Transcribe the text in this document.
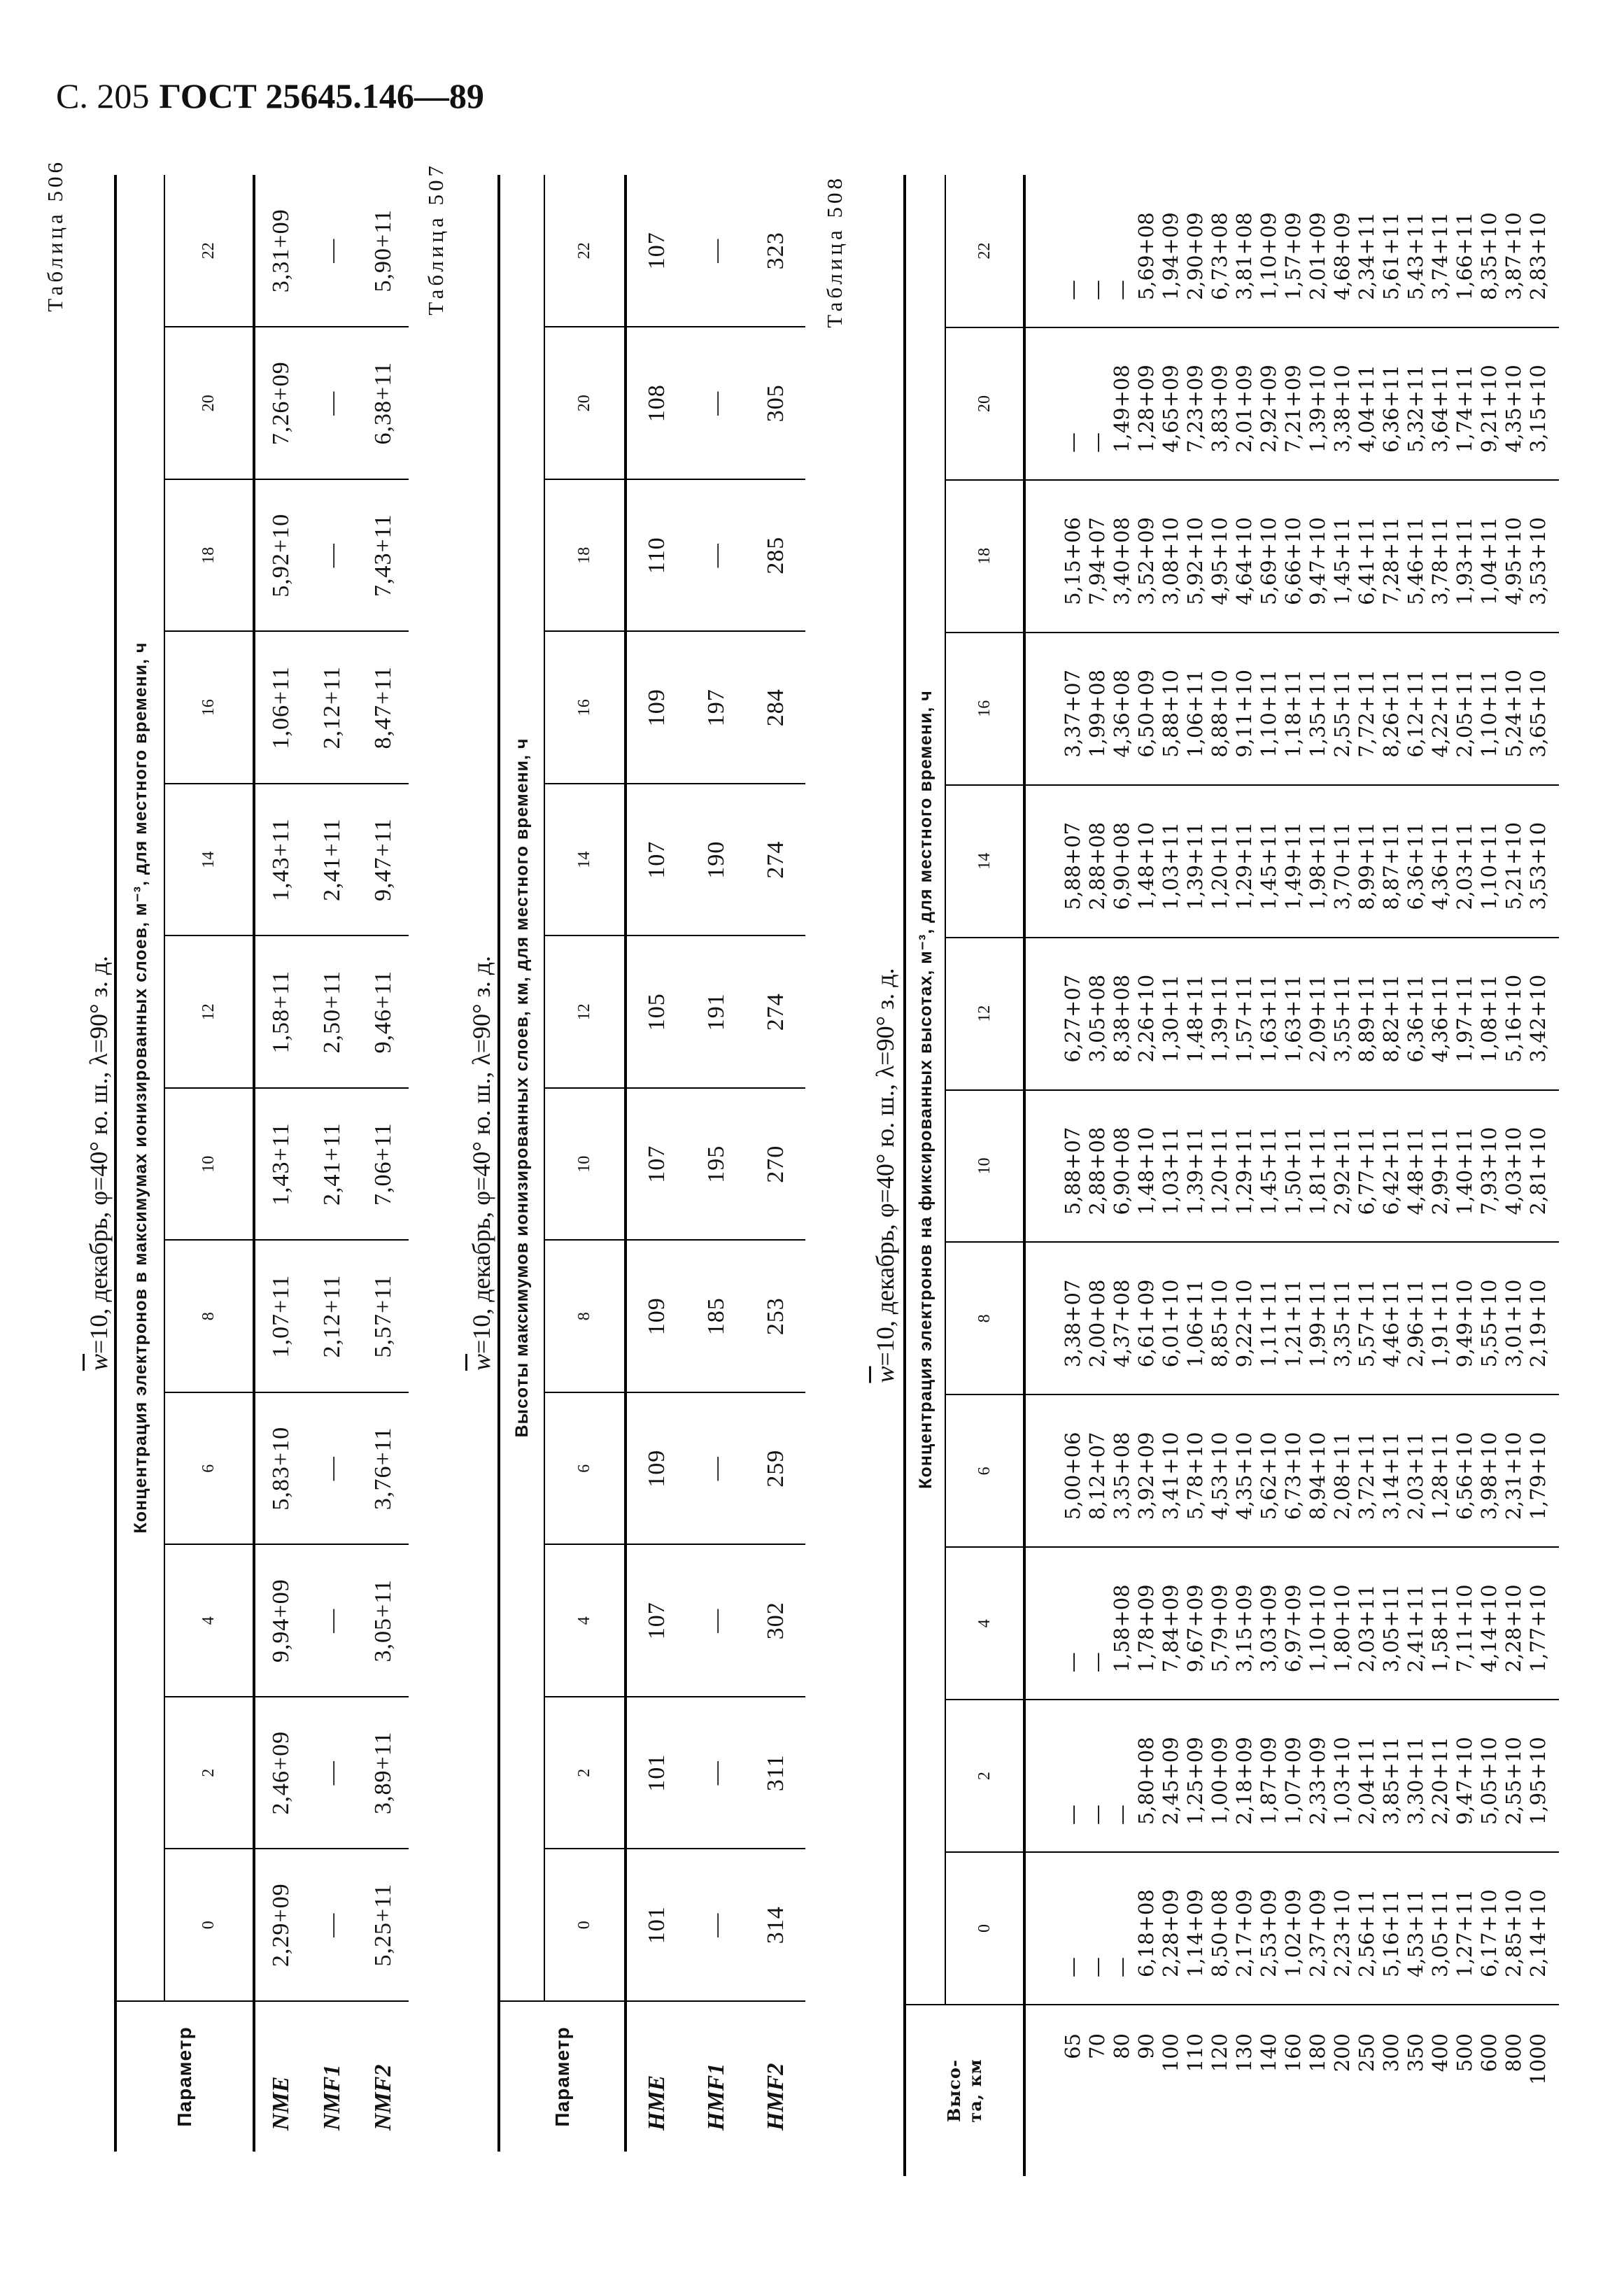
С. 205 ГОСТ 25645.146—89
Таблица 506
$\overline{w}=10$, декабрь, φ=40° ю. ш., λ=90° з. д.
Параметр	Концентрация электронов в максимумах ионизированных слоев, м⁻³, для местного времени, ч											
	0	2	4	6	8	10	12	14	16	18	20	22
NME	2,29+09	2,46+09	9,94+09	5,83+10	1,07+11	1,43+11	1,58+11	1,43+11	1,06+11	5,92+10	7,26+09	3,31+09
NMF1	—	—	—	—	2,12+11	2,41+11	2,50+11	2,41+11	2,12+11	—	—	—
NMF2	5,25+11	3,89+11	3,05+11	3,76+11	5,57+11	7,06+11	9,46+11	9,47+11	8,47+11	7,43+11	6,38+11	5,90+11 Таблица 507
$\overline{w}=10$, декабрь, φ=40° ю. ш., λ=90° з. д.
Параметр	Высоты максимумов ионизированных слоев, км, для местного времени, ч											
	0	2	4	6	8	10	12	14	16	18	20	22
HME	101	101	107	109	109	107	105	107	109	110	108	107
HMF1	—	—	—	—	185	195	191	190	197	—	—	—
HMF2	314	311	302	259	253	270	274	274	284	285	305	323 Таблица 508
$\overline{w}=10$, декабрь, φ=40° ю. ш., λ=90° з. д.
Высо-
та, км	Концентрация электронов на фиксированных высотах, м⁻³, для местного времени, ч											
	0	2	4	6	8	10	12	14	16	18	20	22
65	—	—	—	5,00+06	3,38+07	5,88+07	6,27+07	5,88+07	3,37+07	5,15+06	—	—
70	—	—	—	8,12+07	2,00+08	2,88+08	3,05+08	2,88+08	1,99+08	7,94+07	—	—
80	—	—	1,58+08	3,35+08	4,37+08	6,90+08	8,38+08	6,90+08	4,36+08	3,40+08	1,49+08	—
90	6,18+08	5,80+08	1,78+09	3,92+09	6,61+09	1,48+10	2,26+10	1,48+10	6,50+09	3,52+09	1,28+09	5,69+08
100	2,28+09	2,45+09	7,84+09	3,41+10	6,01+10	1,03+11	1,30+11	1,03+11	5,88+10	3,08+10	4,65+09	1,94+09
110	1,14+09	1,25+09	9,67+09	5,78+10	1,06+11	1,39+11	1,48+11	1,39+11	1,06+11	5,92+10	7,23+09	2,90+09
120	8,50+08	1,00+09	5,79+09	4,53+10	8,85+10	1,20+11	1,39+11	1,20+11	8,88+10	4,95+10	3,83+09	6,73+08
130	2,17+09	2,18+09	3,15+09	4,35+10	9,22+10	1,29+11	1,57+11	1,29+11	9,11+10	4,64+10	2,01+09	3,81+08
140	2,53+09	1,87+09	3,03+09	5,62+10	1,11+11	1,45+11	1,63+11	1,45+11	1,10+11	5,69+10	2,92+09	1,10+09
160	1,02+09	1,07+09	6,97+09	6,73+10	1,21+11	1,50+11	1,63+11	1,49+11	1,18+11	6,66+10	7,21+09	1,57+09
180	2,37+09	2,33+09	1,10+10	8,94+10	1,99+11	1,81+11	2,09+11	1,98+11	1,35+11	9,47+10	1,39+10	2,01+09
200	2,23+10	1,03+10	1,80+10	2,08+11	3,35+11	2,92+11	3,55+11	3,70+11	2,55+11	1,45+11	3,38+10	4,68+09
250	2,56+11	2,04+11	2,03+11	3,72+11	5,57+11	6,77+11	8,89+11	8,99+11	7,72+11	6,41+11	4,04+11	2,34+11
300	5,16+11	3,85+11	3,05+11	3,14+11	4,46+11	6,42+11	8,82+11	8,87+11	8,26+11	7,28+11	6,36+11	5,61+11
350	4,53+11	3,30+11	2,41+11	2,03+11	2,96+11	4,48+11	6,36+11	6,36+11	6,12+11	5,46+11	5,32+11	5,43+11
400	3,05+11	2,20+11	1,58+11	1,28+11	1,91+11	2,99+11	4,36+11	4,36+11	4,22+11	3,78+11	3,64+11	3,74+11
500	1,27+11	9,47+10	7,11+10	6,56+10	9,49+10	1,40+11	1,97+11	2,03+11	2,05+11	1,93+11	1,74+11	1,66+11
600	6,17+10	5,05+10	4,14+10	3,98+10	5,55+10	7,93+10	1,08+11	1,10+11	1,10+11	1,04+11	9,21+10	8,35+10
800	2,85+10	2,55+10	2,28+10	2,31+10	3,01+10	4,03+10	5,16+10	5,21+10	5,24+10	4,95+10	4,35+10	3,87+10
1000	2,14+10	1,95+10	1,77+10	1,79+10	2,19+10	2,81+10	3,42+10	3,53+10	3,65+10	3,53+10	3,15+10	2,83+10
